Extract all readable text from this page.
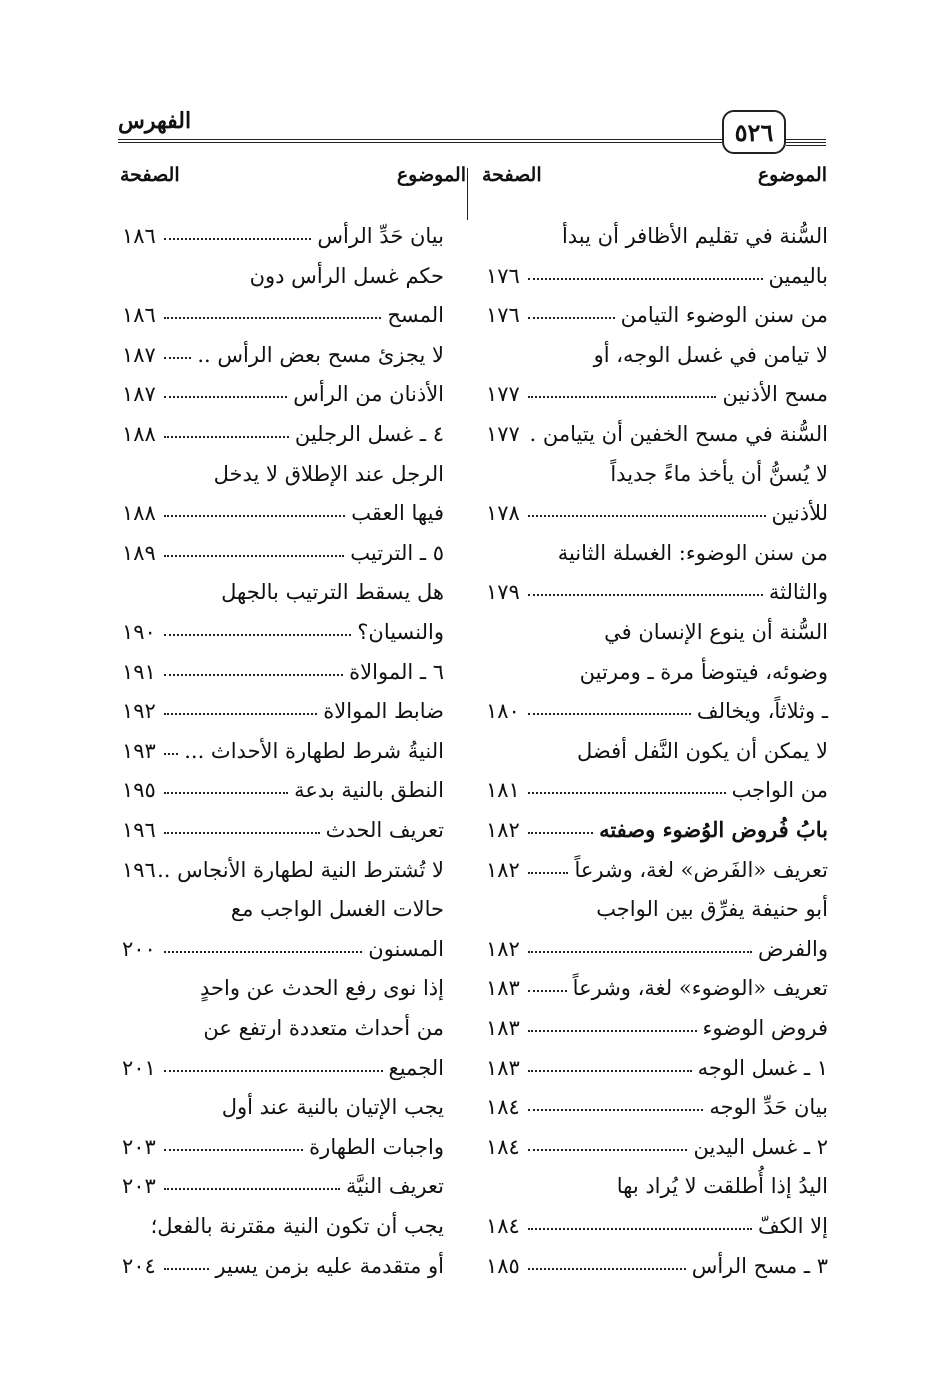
الفهرس	٥٢٦
الموضوع
الصفحة
الموضوع
الصفحة
السُّنة في تقليم الأظافر أن يبدأ
باليمين
١٧٦
من سنن الوضوء التيامن
١٧٦
لا تيامن في غسل الوجه، أو
مسح الأذنين
١٧٧
السُّنة في مسح الخفين أن يتيامن .
١٧٧
لا يُسنُّ أن يأخذ ماءً جديداً
للأذنين
١٧٨
من سنن الوضوء: الغسلة الثانية
والثالثة
١٧٩
السُّنة أن ينوع الإنسان في
وضوئه، فيتوضأ مرة ـ ومرتين
ـ وثلاثاً، ويخالف
١٨٠
لا يمكن أن يكون النَّفل أفضل
من الواجب
١٨١
بابُ فُروض الوُضوء وصفته
١٨٢
تعريف «الفَرض» لغة، وشرعاً
١٨٢
أبو حنيفة يفرِّق بين الواجب
والفرض
١٨٢
تعريف «الوضوء» لغة، وشرعاً
١٨٣
فروض الوضوء
١٨٣
١ ـ غسل الوجه
١٨٣
بيان حَدِّ الوجه
١٨٤
٢ ـ غسل اليدين
١٨٤
اليدُ إذا أُطلقت لا يُراد بها
إلا الكفّ
١٨٤
٣ ـ مسح الرأس
١٨٥
بيان حَدِّ الرأس
١٨٦
حكم غسل الرأس دون
المسح
١٨٦
لا يجزئ مسح بعض الرأس ..
١٨٧
الأذنان من الرأس
١٨٧
٤ ـ غسل الرجلين
١٨٨
الرجل عند الإطلاق لا يدخل
فيها العقب
١٨٨
٥ ـ الترتيب
١٨٩
هل يسقط الترتيب بالجهل
والنسيان؟
١٩٠
٦ ـ الموالاة
١٩١
ضابط الموالاة
١٩٢
النيةُ شرط لطهارة الأحداث ...
١٩٣
النطق بالنية بدعة
١٩٥
تعريف الحدث
١٩٦
لا تُشترط النية لطهارة الأنجاس ..
١٩٦
حالات الغسل الواجب مع
المسنون
٢٠٠
إذا نوى رفع الحدث عن واحدٍ
من أحداث متعددة ارتفع عن
الجميع
٢٠١
يجب الإتيان بالنية عند أول
واجبات الطهارة
٢٠٣
تعريف النيَّة
٢٠٣
يجب أن تكون النية مقترنة بالفعل؛
أو متقدمة عليه بزمن يسير
٢٠٤
